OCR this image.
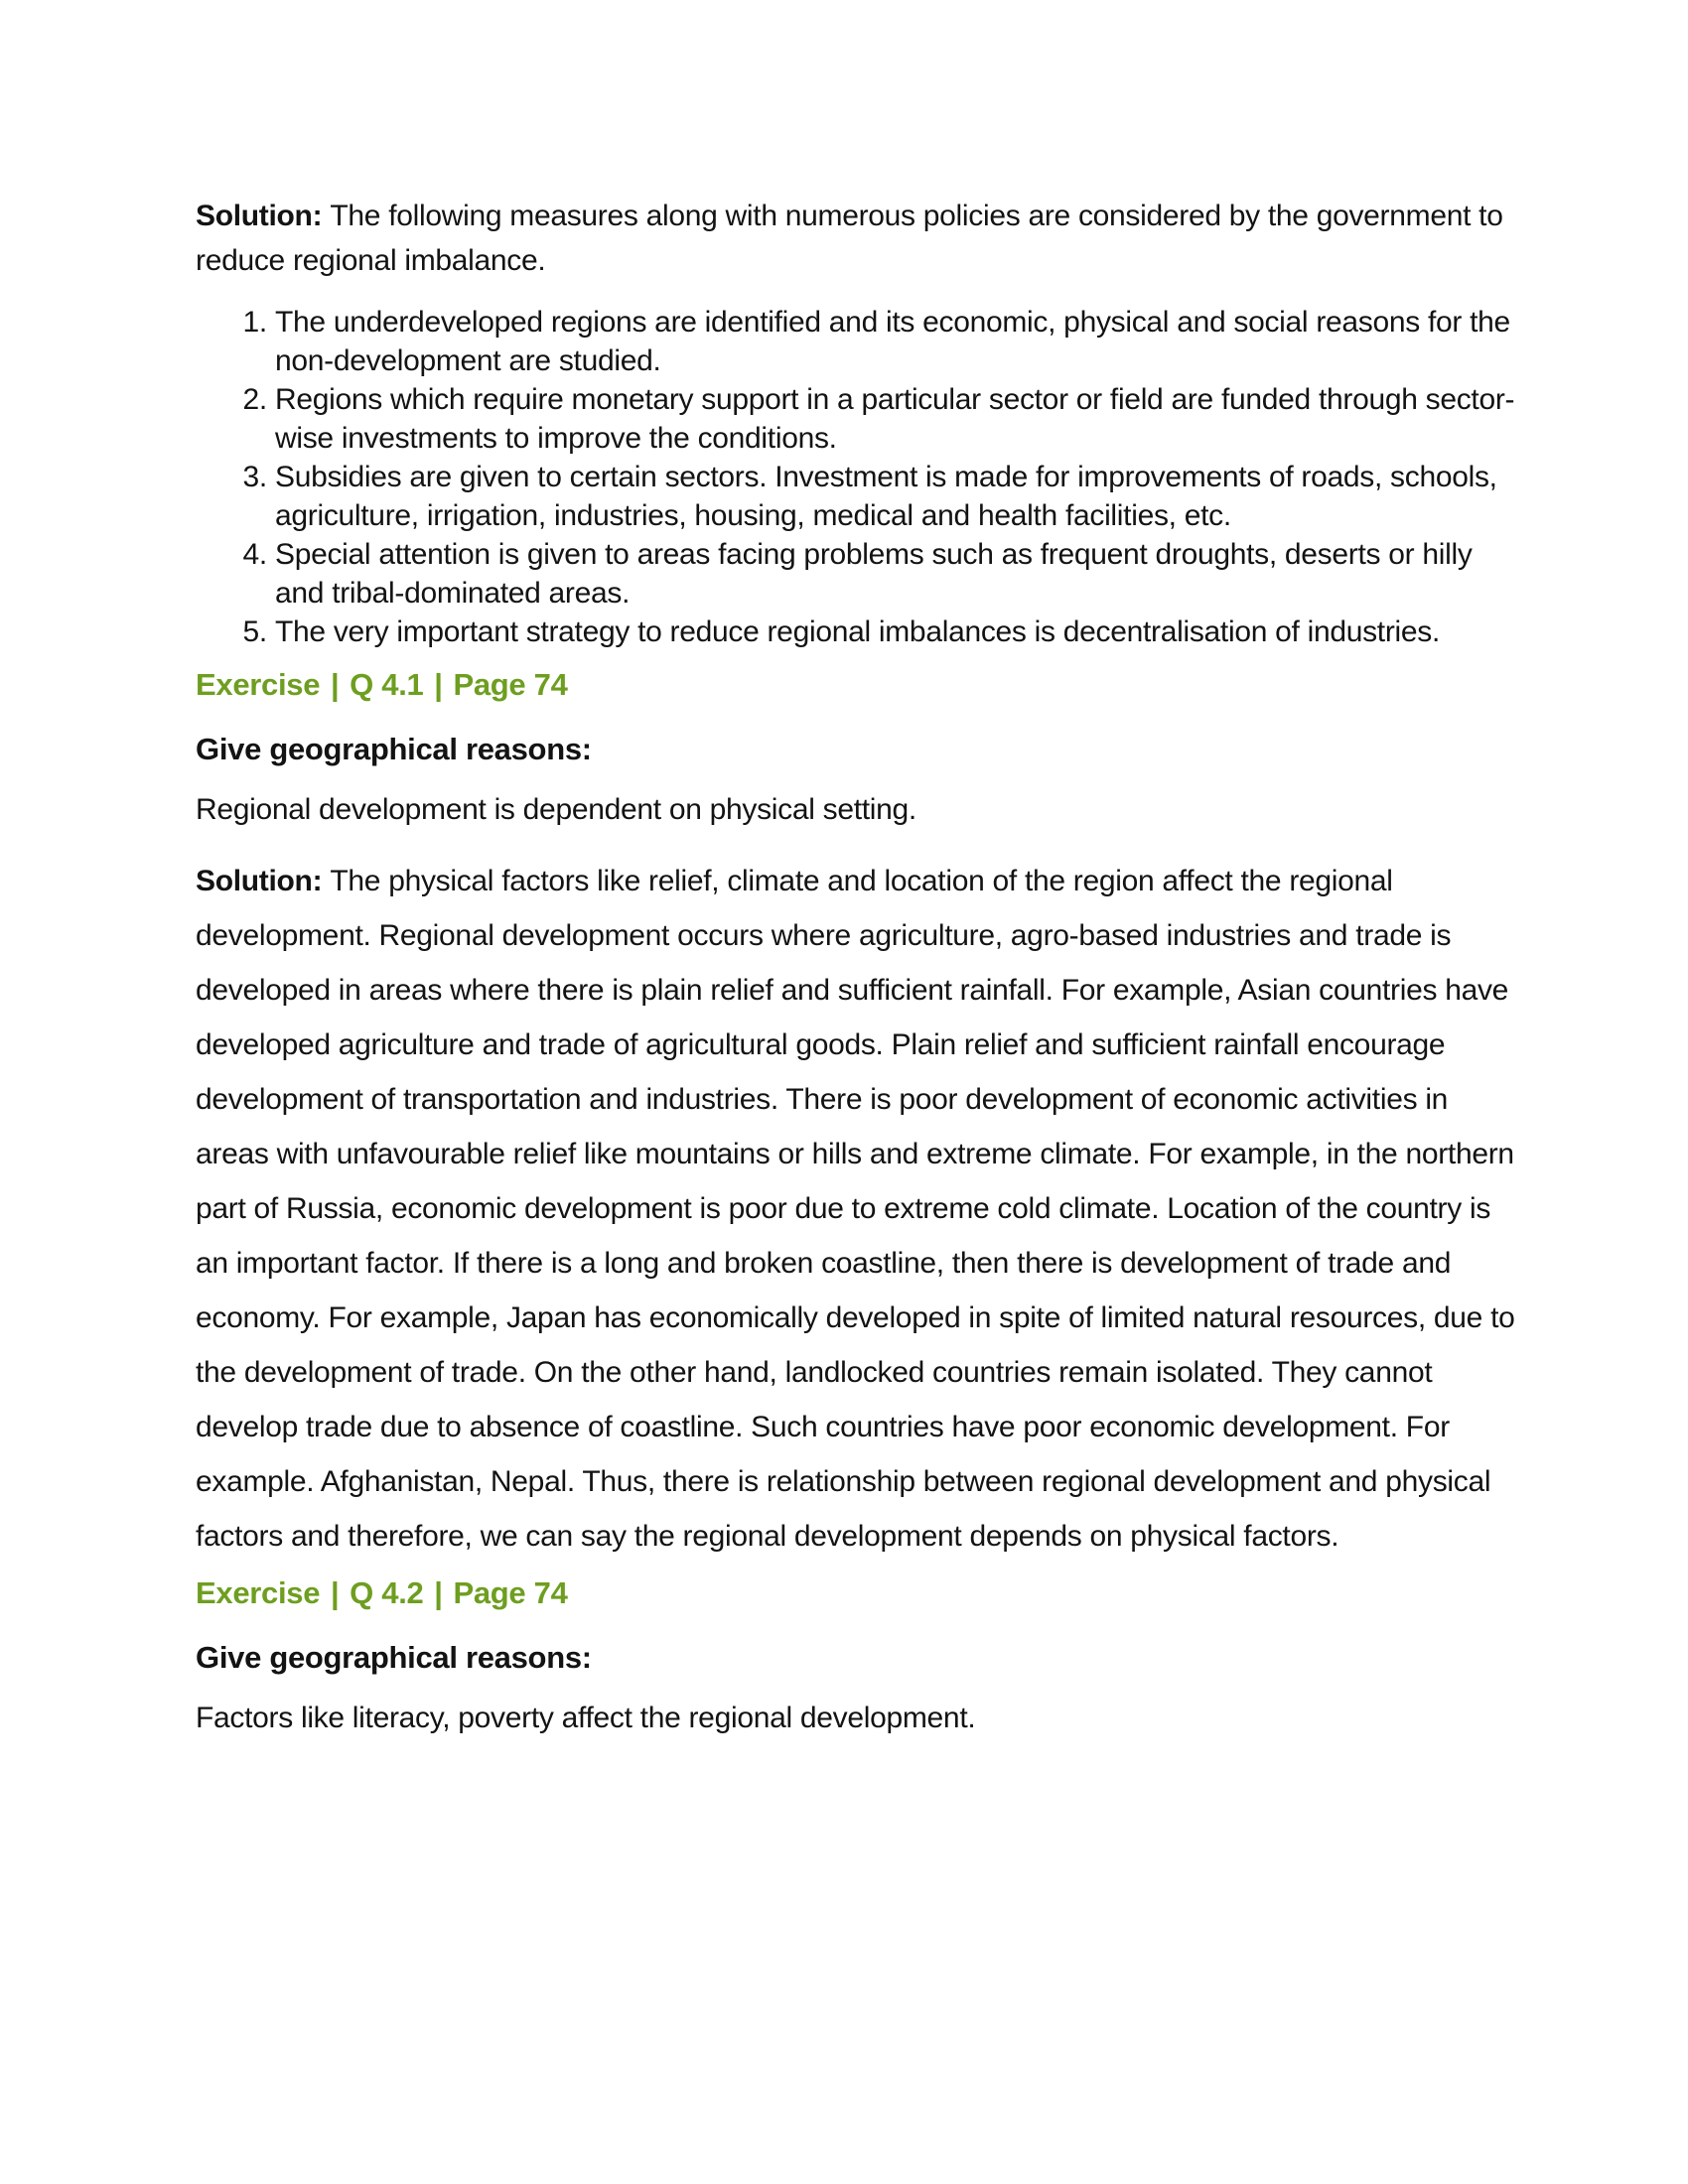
Solution: The following measures along with numerous policies are considered by the government to reduce regional imbalance.

1. The underdeveloped regions are identified and its economic, physical and social reasons for the non-development are studied.
2. Regions which require monetary support in a particular sector or field are funded through sector-wise investments to improve the conditions.
3. Subsidies are given to certain sectors. Investment is made for improvements of roads, schools, agriculture, irrigation, industries, housing, medical and health facilities, etc.
4. Special attention is given to areas facing problems such as frequent droughts, deserts or hilly and tribal-dominated areas.
5. The very important strategy to reduce regional imbalances is decentralisation of industries.
Exercise | Q 4.1 | Page 74

Give geographical reasons:

Regional development is dependent on physical setting.

Solution: The physical factors like relief, climate and location of the region affect the regional development. Regional development occurs where agriculture, agro-based industries and trade is developed in areas where there is plain relief and sufficient rainfall. For example, Asian countries have developed agriculture and trade of agricultural goods. Plain relief and sufficient rainfall encourage development of transportation and industries. There is poor development of economic activities in areas with unfavourable relief like mountains or hills and extreme climate. For example, in the northern part of Russia, economic development is poor due to extreme cold climate. Location of the country is an important factor. If there is a long and broken coastline, then there is development of trade and economy. For example, Japan has economically developed in spite of limited natural resources, due to the development of trade. On the other hand, landlocked countries remain isolated. They cannot develop trade due to absence of coastline. Such countries have poor economic development. For example. Afghanistan, Nepal. Thus, there is relationship between regional development and physical factors and therefore, we can say the regional development depends on physical factors.

Exercise | Q 4.2 | Page 74

Give geographical reasons:

Factors like literacy, poverty affect the regional development.
